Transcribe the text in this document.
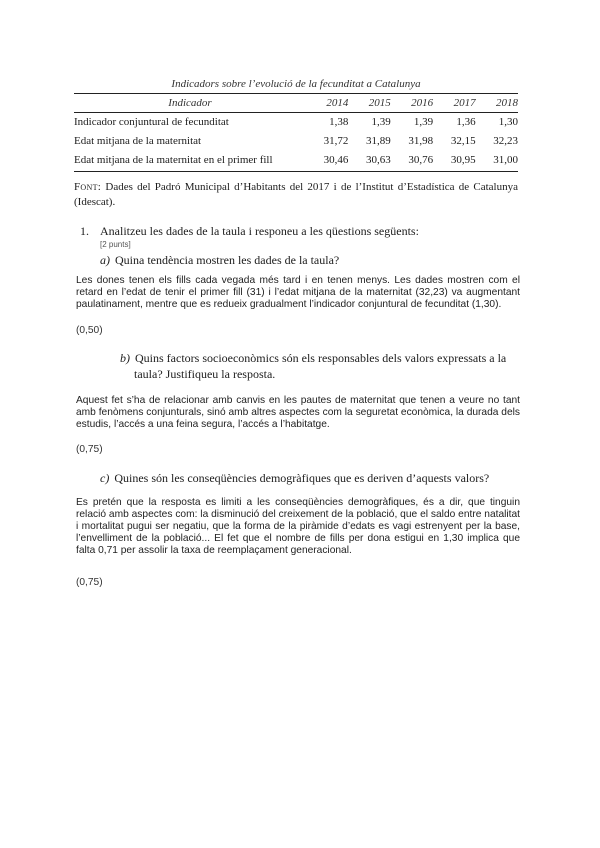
Indicadors sobre l’evolució de la fecunditat a Catalunya
Indicador	2014	2015	2016	2017	2018
Indicador conjuntural de fecunditat	1,38	1,39	1,39	1,36	1,30
Edat mitjana de la maternitat	31,72	31,89	31,98	32,15	32,23
Edat mitjana de la maternitat en el primer fill	30,46	30,63	30,76	30,95	31,00
Font: Dades del Padró Municipal d’Habitants del 2017 i de l’Institut d’Estadística de Catalunya (Idescat).
1. Analitzeu les dades de la taula i responeu a les qüestions següents:
[2 punts]
a) Quina tendència mostren les dades de la taula?
Les dones tenen els fills cada vegada més tard i en tenen menys. Les dades mostren com el retard en l’edat de tenir el primer fill (31) i l’edat mitjana de la maternitat (32,23) va augmentant paulatinament, mentre que es redueix gradualment l’indicador conjuntural de fecunditat (1,30).
(0,50)
b) Quins factors socioeconòmics són els responsables dels valors expressats a la taula? Justifiqueu la resposta.
Aquest fet s’ha de relacionar amb canvis en les pautes de maternitat que tenen a veure no tant amb fenòmens conjunturals, sinó amb altres aspectes com la seguretat econòmica, la durada dels estudis, l’accés a una feina segura, l’accés a l’habitatge.
(0,75)
c) Quines són les conseqüències demogràfiques que es deriven d’aquests valors?
Es pretén que la resposta es limiti a les conseqüències demogràfiques, és a dir, que tinguin relació amb aspectes com: la disminució del creixement de la població, que el saldo entre natalitat i mortalitat pugui ser negatiu, que la forma de la piràmide d’edats es vagi estrenyent per la base, l’envelliment de la població... El fet que el nombre de fills per dona estigui en 1,30 implica que falta 0,71 per assolir la taxa de reemplaçament generacional.
(0,75)
